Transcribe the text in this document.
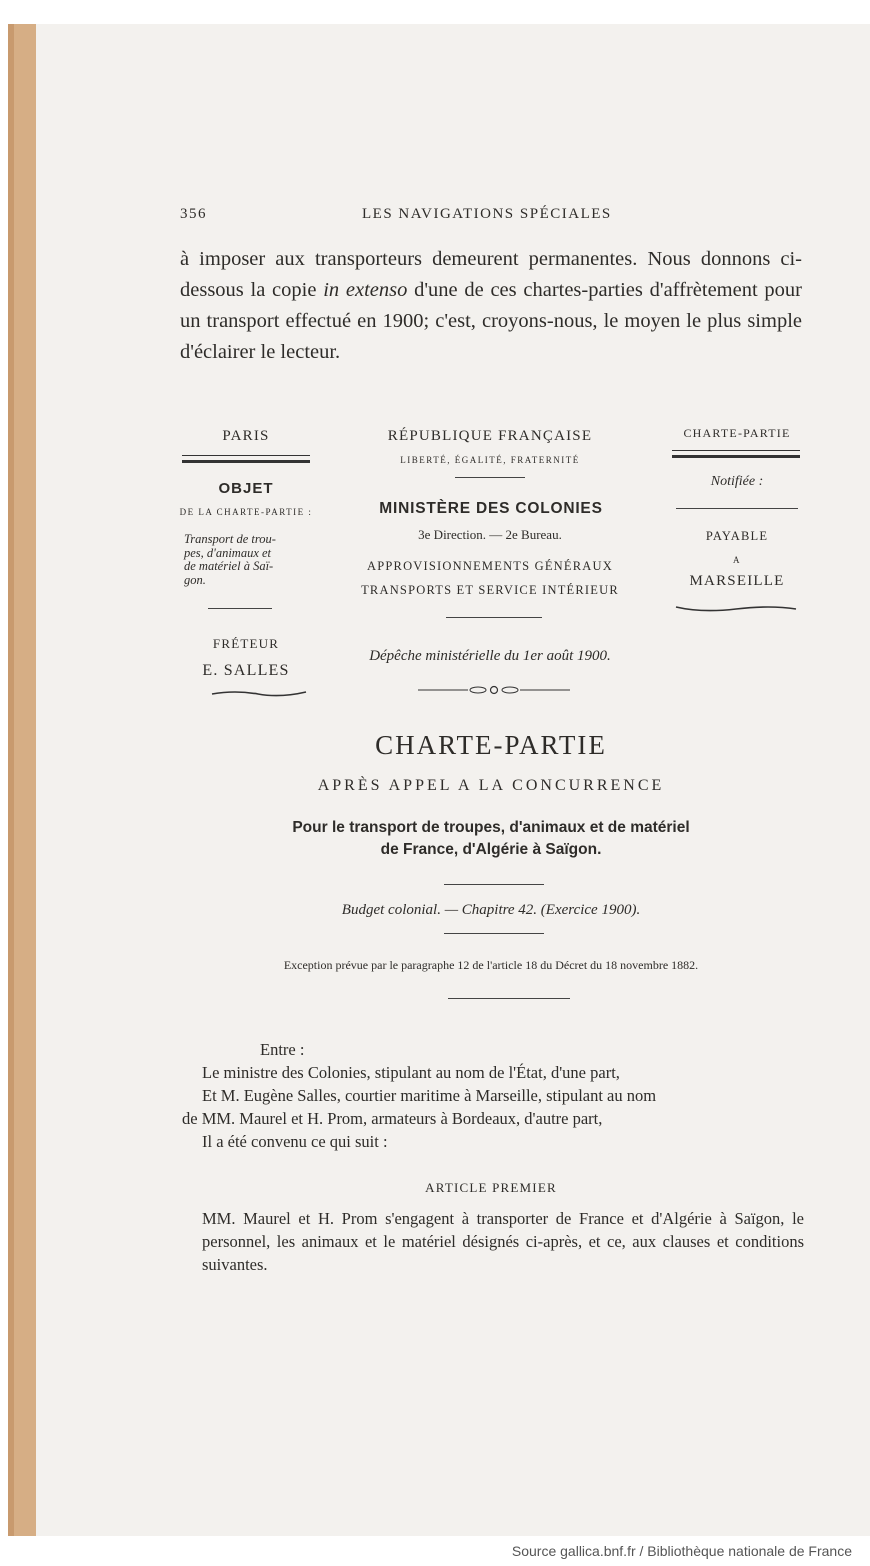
356	LES NAVIGATIONS SPÉCIALES

à imposer aux transporteurs demeurent permanentes. Nous donnons ci-dessous la copie in extenso d'une de ces chartes-parties d'affrètement pour un transport effectué en 1900; c'est, croyons-nous, le moyen le plus simple d'éclairer le lecteur.

PARIS
OBJET
DE LA CHARTE-PARTIE :
Transport de trou-
pes, d'animaux et
de matériel à Saï-
gon.
FRÉTEUR
E. SALLES
RÉPUBLIQUE FRANÇAISE
LIBERTÉ, ÉGALITÉ, FRATERNITÉ
MINISTÈRE DES COLONIES
3e Direction. — 2e Bureau.
APPROVISIONNEMENTS GÉNÉRAUX
TRANSPORTS ET SERVICE INTÉRIEUR
Dépêche ministérielle du 1er août 1900.
CHARTE-PARTIE
Notifiée :
PAYABLE
A
MARSEILLE
CHARTE-PARTIE
APRÈS APPEL A LA CONCURRENCE
Pour le transport de troupes, d'animaux et de matériel
de France, d'Algérie à Saïgon.
Budget colonial. — Chapitre 42. (Exercice 1900).
Exception prévue par le paragraphe 12 de l'article 18 du Décret du 18 novembre 1882.
Entre :
Le ministre des Colonies, stipulant au nom de l'État, d'une part,
Et M. Eugène Salles, courtier maritime à Marseille, stipulant au nom
de MM. Maurel et H. Prom, armateurs à Bordeaux, d'autre part,
Il a été convenu ce qui suit :
ARTICLE PREMIER
MM. Maurel et H. Prom s'engagent à transporter de France et d'Algérie à Saïgon, le personnel, les animaux et le matériel désignés ci-après, et ce, aux clauses et conditions suivantes.
Source gallica.bnf.fr / Bibliothèque nationale de France
